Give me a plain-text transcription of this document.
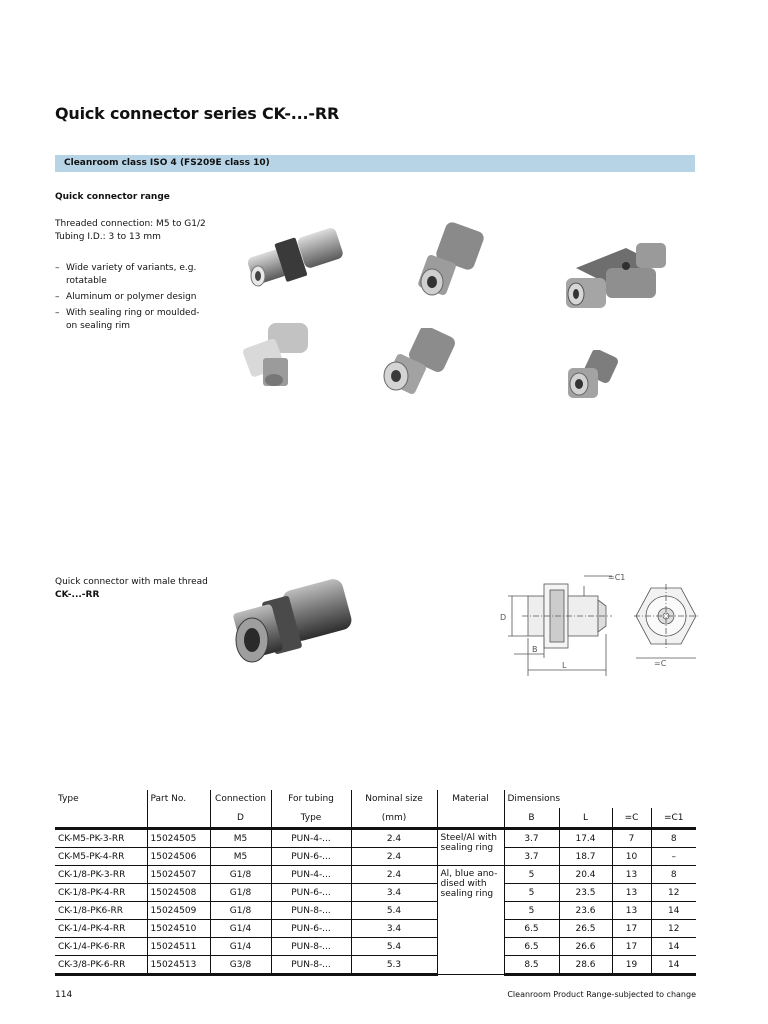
Quick connector series CK-...-RR
Cleanroom class ISO 4 (FS209E class 10)
Quick connector range
Threaded connection: M5 to G1/2
Tubing I.D.: 3 to 13 mm
– Wide variety of variants, e.g.
rotatable
– Aluminum or polymer design
– With sealing ring or moulded-
on sealing rim
Quick connector with male thread
CK-...-RR
D
B
L
=C1
=C
Type	Part No.	Connection	For tubing	Nominal size	Material	Dimensions			
		D	Type	(mm)		B	L	=C	=C1
CK-M5-PK-3-RR	15024505	M5	PUN-4-...	2.4	Steel/Al with sealing ring	3.7	17.4	7	8
CK-M5-PK-4-RR	15024506	M5	PUN-6-...	2.4		3.7	18.7	10	–
CK-1/8-PK-3-RR	15024507	G1/8	PUN-4-...	2.4	Al, blue ano-dised with sealing ring	5	20.4	13	8
CK-1/8-PK-4-RR	15024508	G1/8	PUN-6-...	3.4		5	23.5	13	12
CK-1/8-PK6-RR	15024509	G1/8	PUN-8-...	5.4		5	23.6	13	14
CK-1/4-PK-4-RR	15024510	G1/4	PUN-6-...	3.4		6.5	26.5	17	12
CK-1/4-PK-6-RR	15024511	G1/4	PUN-8-...	5.4		6.5	26.6	17	14
CK-3/8-PK-6-RR	15024513	G3/8	PUN-8-...	5.3		8.5	28.6	19	14
114	Cleanroom Product Range-subjected to change
